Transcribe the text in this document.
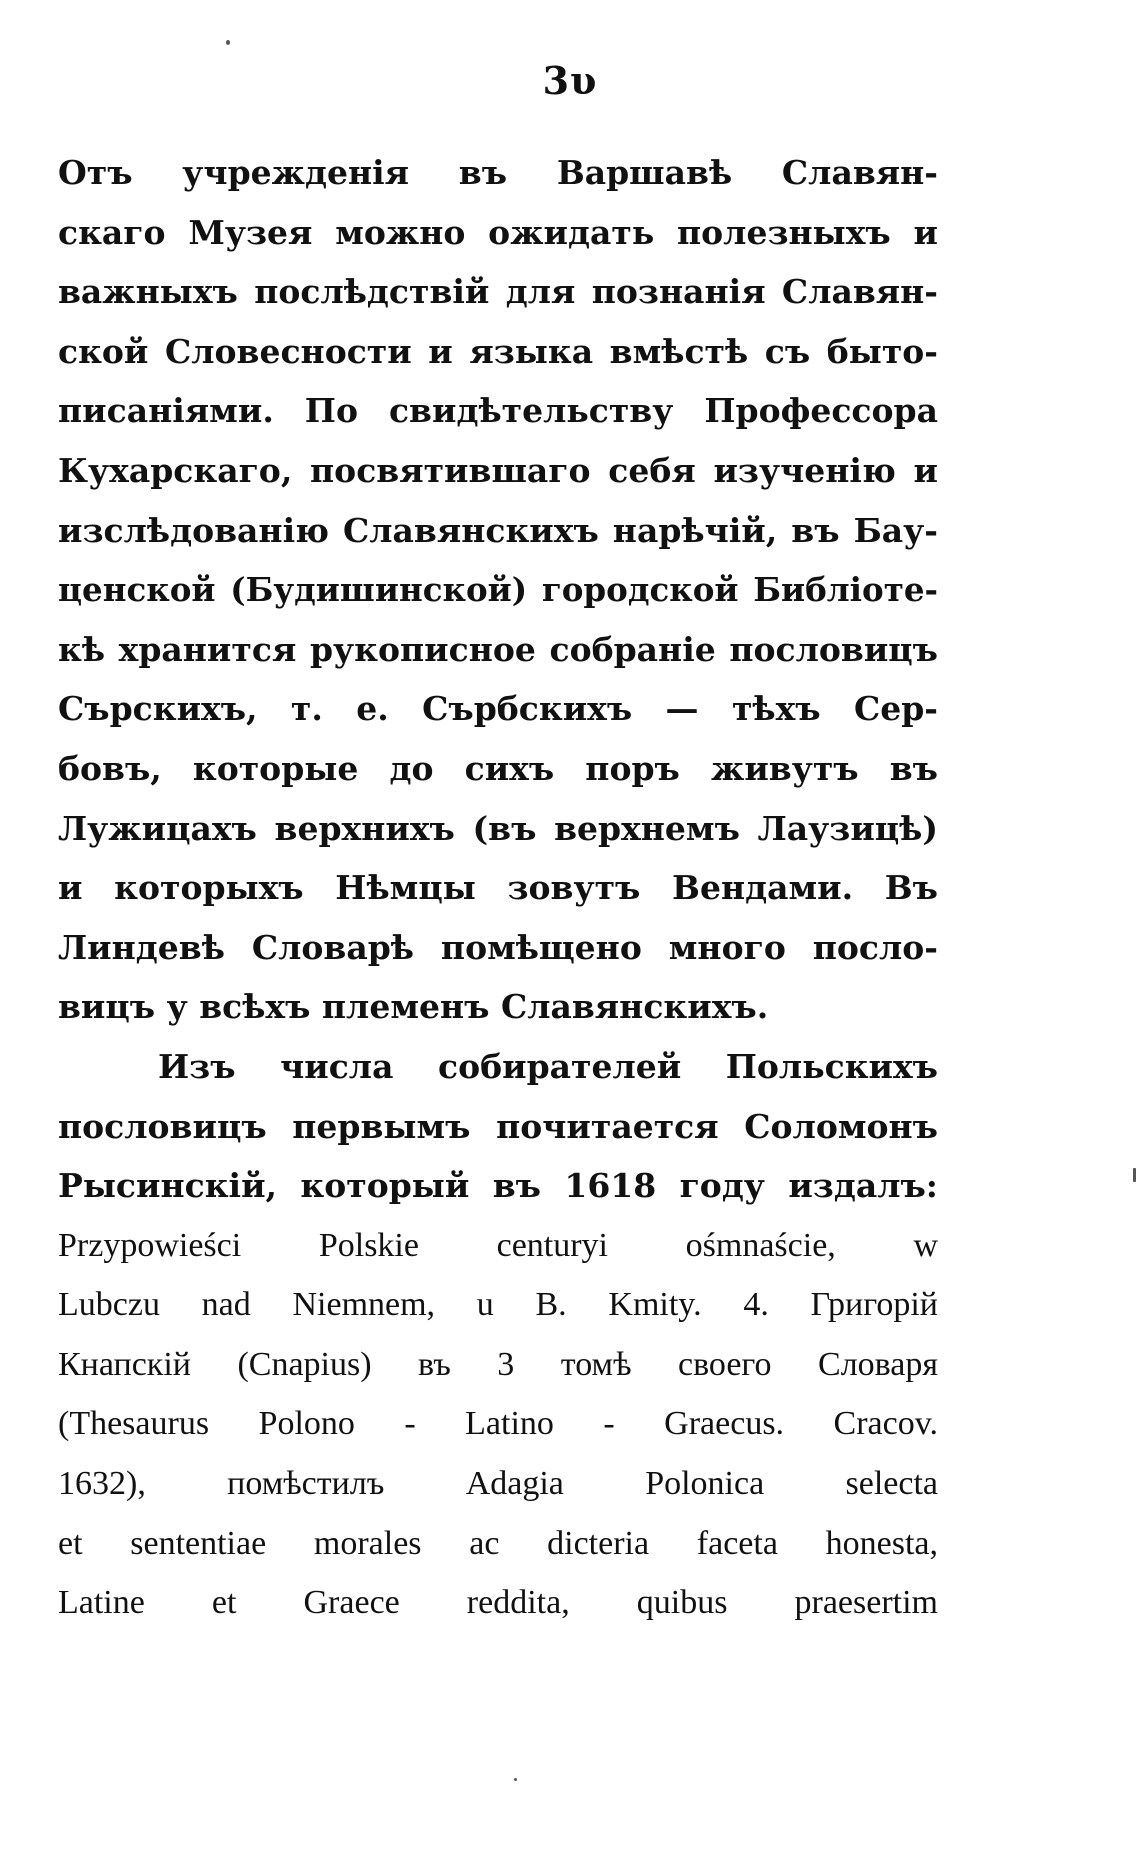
3υ
Отъ учрежденія въ Варшавѣ Славян-
скаго Музея можно ожидать полезныхъ и
важныхъ послѣдствій для познанія Славян-
ской Словесности и языка вмѣстѣ съ быто-
писаніями. По свидѣтельству Профессора
Кухарскаго, посвятившаго себя изученію и
изслѣдованію Славянскихъ нарѣчій, въ Бау-
ценской (Будишинской) городской Библіоте-
кѣ хранится рукописное собраніе пословицъ
Сърскихъ, т. е. Сърбскихъ — тѣхъ Сер-
бовъ, которые до сихъ поръ живутъ въ
Лужицахъ верхнихъ (въ верхнемъ Лаузицѣ)
и которыхъ Нѣмцы зовутъ Вендами. Въ
Линдевѣ Словарѣ помѣщено много посло-
вицъ у всѣхъ племенъ Славянскихъ.
Изъ числа собирателей Польскихъ
пословицъ первымъ почитается Соломонъ
Рысинскій, который въ 1618 году издалъ:
Przypowieści Polskie centuryi ośmnaście, w
Lubczu nad Niemnem, u B. Kmity. 4. Григорій
Кнапскій (Cnapius) въ 3 томѣ своего Словаря
(Thesaurus Polono - Latino - Graecus. Cracov.
1632), помѣстилъ Adagia Polonica selecta
et sententiae morales ac dicteria faceta honesta,
Latine et Graece reddita, quibus praesertim
